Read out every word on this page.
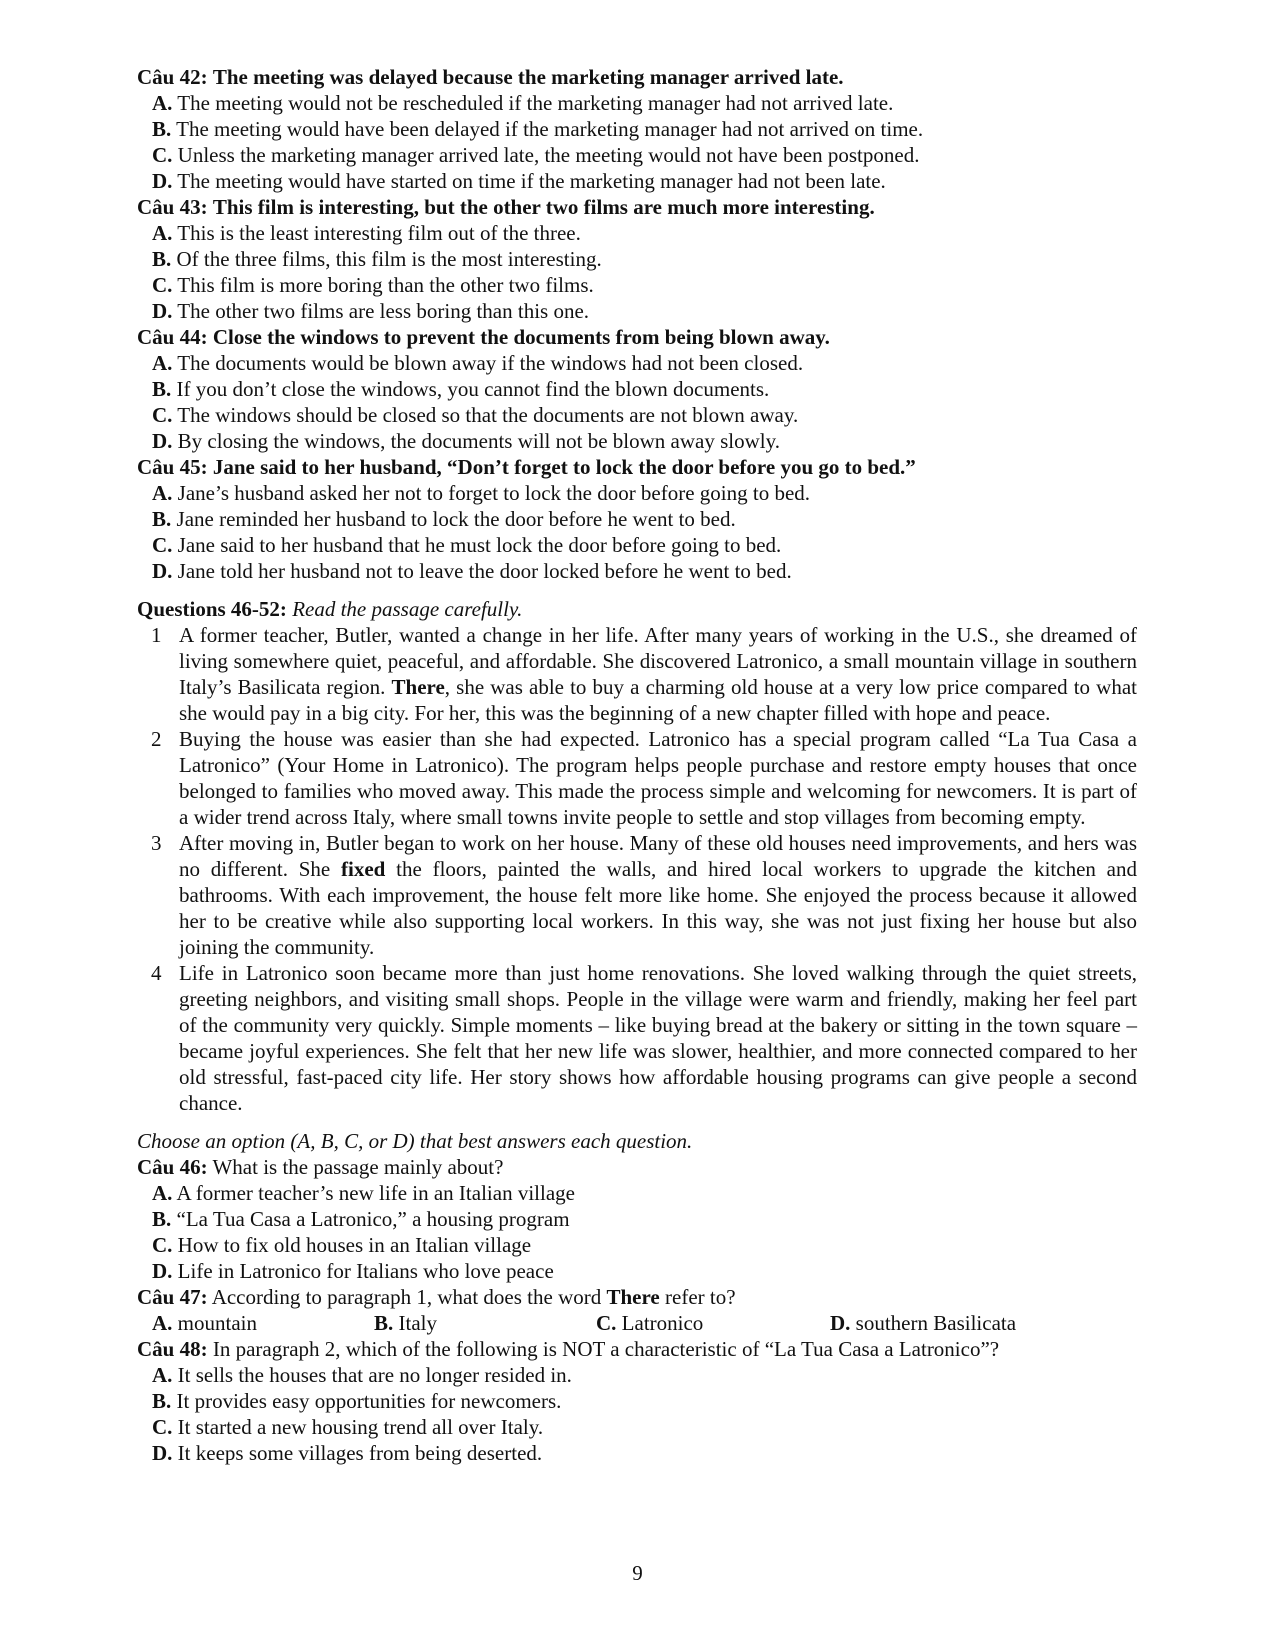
Câu 42: The meeting was delayed because the marketing manager arrived late.
A. The meeting would not be rescheduled if the marketing manager had not arrived late.
B. The meeting would have been delayed if the marketing manager had not arrived on time.
C. Unless the marketing manager arrived late, the meeting would not have been postponed.
D. The meeting would have started on time if the marketing manager had not been late.
Câu 43: This film is interesting, but the other two films are much more interesting.
A. This is the least interesting film out of the three.
B. Of the three films, this film is the most interesting.
C. This film is more boring than the other two films.
D. The other two films are less boring than this one.
Câu 44: Close the windows to prevent the documents from being blown away.
A. The documents would be blown away if the windows had not been closed.
B. If you don’t close the windows, you cannot find the blown documents.
C. The windows should be closed so that the documents are not blown away.
D. By closing the windows, the documents will not be blown away slowly.
Câu 45: Jane said to her husband, “Don’t forget to lock the door before you go to bed.”
A. Jane’s husband asked her not to forget to lock the door before going to bed.
B. Jane reminded her husband to lock the door before he went to bed.
C. Jane said to her husband that he must lock the door before going to bed.
D. Jane told her husband not to leave the door locked before he went to bed.
Questions 46-52: Read the passage carefully.
1 A former teacher, Butler, wanted a change in her life. After many years of working in the U.S., she dreamed of living somewhere quiet, peaceful, and affordable. She discovered Latronico, a small mountain village in southern Italy’s Basilicata region. There, she was able to buy a charming old house at a very low price compared to what she would pay in a big city. For her, this was the beginning of a new chapter filled with hope and peace.
2 Buying the house was easier than she had expected. Latronico has a special program called “La Tua Casa a Latronico” (Your Home in Latronico). The program helps people purchase and restore empty houses that once belonged to families who moved away. This made the process simple and welcoming for newcomers. It is part of a wider trend across Italy, where small towns invite people to settle and stop villages from becoming empty.
3 After moving in, Butler began to work on her house. Many of these old houses need improvements, and hers was no different. She fixed the floors, painted the walls, and hired local workers to upgrade the kitchen and bathrooms. With each improvement, the house felt more like home. She enjoyed the process because it allowed her to be creative while also supporting local workers. In this way, she was not just fixing her house but also joining the community.
4 Life in Latronico soon became more than just home renovations. She loved walking through the quiet streets, greeting neighbors, and visiting small shops. People in the village were warm and friendly, making her feel part of the community very quickly. Simple moments – like buying bread at the bakery or sitting in the town square – became joyful experiences. She felt that her new life was slower, healthier, and more connected compared to her old stressful, fast-paced city life. Her story shows how affordable housing programs can give people a second chance.
Choose an option (A, B, C, or D) that best answers each question.
Câu 46: What is the passage mainly about?
A. A former teacher’s new life in an Italian village
B. “La Tua Casa a Latronico,” a housing program
C. How to fix old houses in an Italian village
D. Life in Latronico for Italians who love peace
Câu 47: According to paragraph 1, what does the word There refer to?
A. mountain	B. Italy	C. Latronico	D. southern Basilicata
Câu 48: In paragraph 2, which of the following is NOT a characteristic of “La Tua Casa a Latronico”?
A. It sells the houses that are no longer resided in.
B. It provides easy opportunities for newcomers.
C. It started a new housing trend all over Italy.
D. It keeps some villages from being deserted.
9
